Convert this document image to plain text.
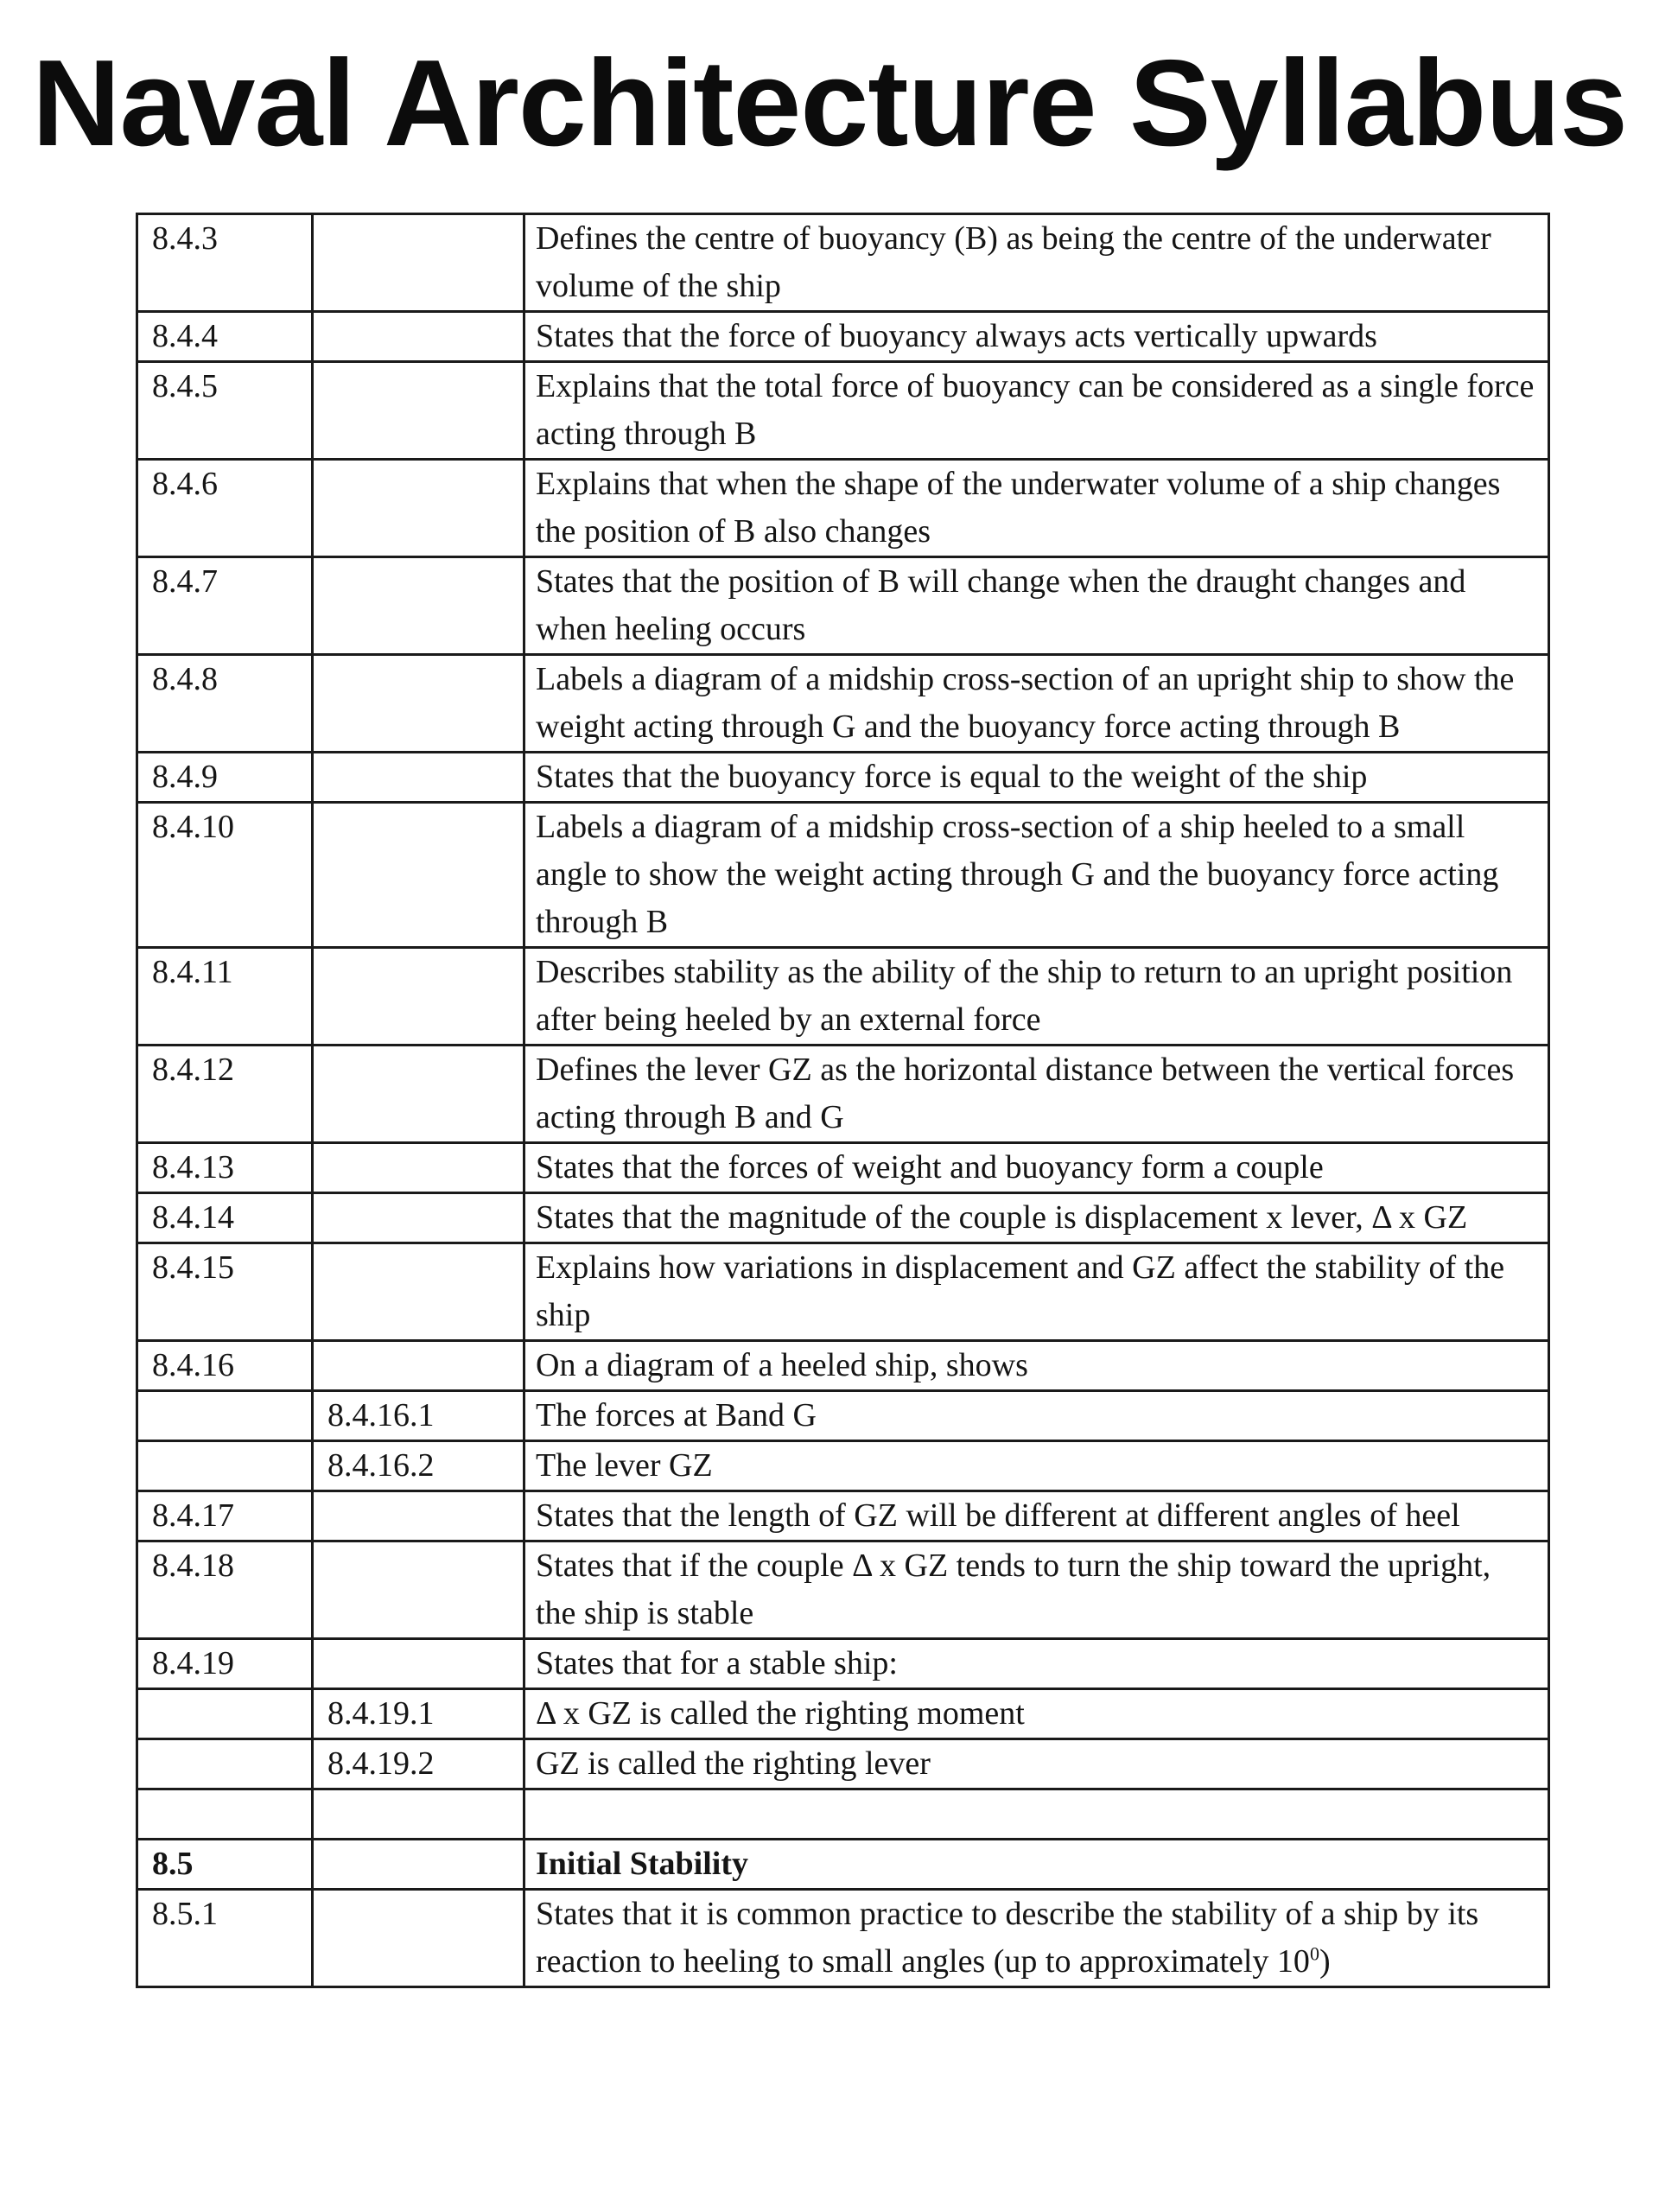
Naval Architecture Syllabus
8.4.3		Defines the centre of buoyancy (B) as being the centre of the underwater volume of the ship
8.4.4		States that the force of buoyancy always acts vertically upwards
8.4.5		Explains that the total force of buoyancy can be considered as a single force acting through B
8.4.6		Explains that when the shape of the underwater volume of a ship changes the position of B also changes
8.4.7		States that the position of B will change when the draught changes and when heeling occurs
8.4.8		Labels a diagram of a midship cross-section of an upright ship to show the weight acting through G and the buoyancy force acting through B
8.4.9		States that the buoyancy force is equal to the weight of the ship
8.4.10		Labels a diagram of a midship cross-section of a ship heeled to a small angle to show the weight acting through G and the buoyancy force acting through B
8.4.11		Describes stability as the ability of the ship to return to an upright position after being heeled by an external force
8.4.12		Defines the lever GZ as the horizontal distance between the vertical forces acting through B and G
8.4.13		States that the forces of weight and buoyancy form a couple
8.4.14		States that the magnitude of the couple is displacement x lever, Δ x GZ
8.4.15		Explains how variations in displacement and GZ affect the stability of the ship
8.4.16		On a diagram of a heeled ship, shows
	8.4.16.1	The forces at Band G
	8.4.16.2	The lever GZ
8.4.17		States that the length of GZ will be different at different angles of heel
8.4.18		States that if the couple Δ x GZ tends to turn the ship toward the upright, the ship is stable
8.4.19		States that for a stable ship:
	8.4.19.1	Δ x GZ is called the righting moment
	8.4.19.2	GZ is called the righting lever

8.5		Initial Stability
8.5.1		States that it is common practice to describe the stability of a ship by its reaction to heeling to small angles (up to approximately $10^0$)
